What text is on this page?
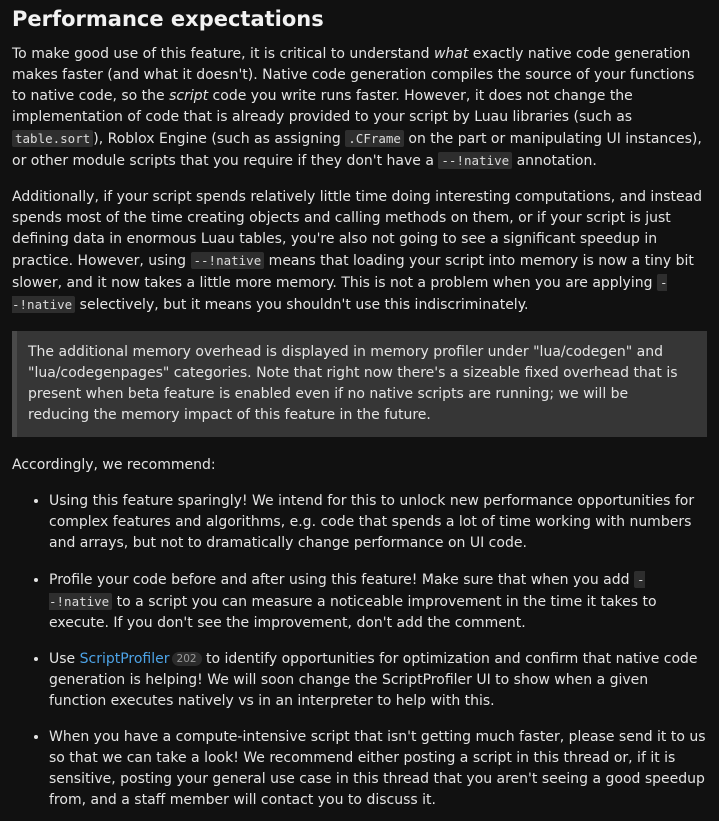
Performance expectations

To make good use of this feature, it is critical to understand what exactly native code generation makes faster (and what it doesn't). Native code generation compiles the source of your functions to native code, so the script code you write runs faster. However, it does not change the implementation of code that is already provided to your script by Luau libraries (such as table.sort ), Roblox Engine (such as assigning .CFrame on the part or manipulating UI instances), or other module scripts that you require if they don't have a --!native annotation.

Additionally, if your script spends relatively little time doing interesting computations, and instead spends most of the time creating objects and calling methods on them, or if your script is just defining data in enormous Luau tables, you're also not going to see a significant speedup in practice. However, using --!native means that loading your script into memory is now a tiny bit slower, and it now takes a little more memory. This is not a problem when you are applying --!native selectively, but it means you shouldn't use this indiscriminately.

The additional memory overhead is displayed in memory profiler under "lua/codegen" and "lua/codegenpages" categories. Note that right now there's a sizeable fixed overhead that is present when beta feature is enabled even if no native scripts are running; we will be reducing the memory impact of this feature in the future.

Accordingly, we recommend:

• Using this feature sparingly! We intend for this to unlock new performance opportunities for complex features and algorithms, e.g. code that spends a lot of time working with numbers and arrays, but not to dramatically change performance on UI code.
• Profile your code before and after using this feature! Make sure that when you add --!native to a script you can measure a noticeable improvement in the time it takes to execute. If you don't see the improvement, don't add the comment.
• Use ScriptProfiler 202 to identify opportunities for optimization and confirm that native code generation is helping! We will soon change the ScriptProfiler UI to show when a given function executes natively vs in an interpreter to help with this.
• When you have a compute-intensive script that isn't getting much faster, please send it to us so that we can take a look! We recommend either posting a script in this thread or, if it is sensitive, posting your general use case in this thread that you aren't seeing a good speedup from, and a staff member will contact you to discuss it.
